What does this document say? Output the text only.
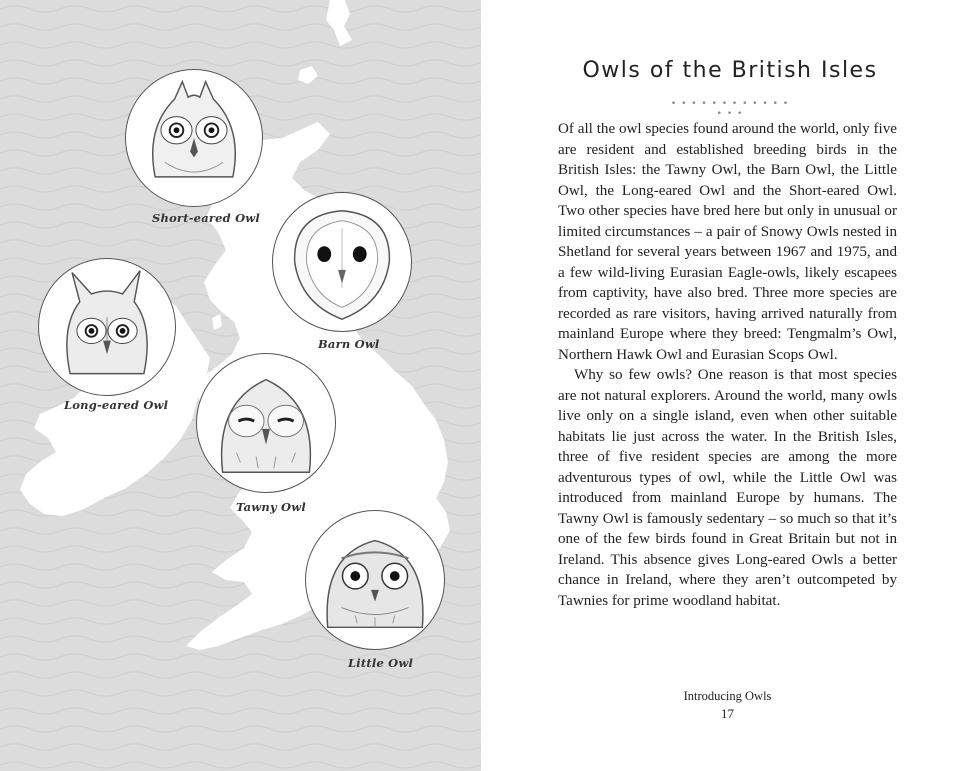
Short-eared Owl
Barn Owl
Long-eared Owl
Tawny Owl
Little Owl
Owls of the British Isles
• • • • • • • • • • • • • • •

Of all the owl species found around the world, only five are resident and established breeding birds in the British Isles: the Tawny Owl, the Barn Owl, the Little Owl, the Long-eared Owl and the Short-eared Owl. Two other species have bred here but only in unusual or limited circumstances – a pair of Snowy Owls nested in Shetland for several years between 1967 and 1975, and a few wild-living Eurasian Eagle-owls, likely escapees from captivity, have also bred. Three more species are recorded as rare visitors, having arrived naturally from mainland Europe where they breed: Tengmalm’s Owl, Northern Hawk Owl and Eurasian Scops Owl.

Why so few owls? One reason is that most species are not natural explorers. Around the world, many owls live only on a single island, even when other suitable habitats lie just across the water. In the British Isles, three of five resident species are among the more adventurous types of owl, while the Little Owl was introduced from mainland Europe by humans. The Tawny Owl is famously sedentary – so much so that it’s one of the few birds found in Great Britain but not in Ireland. This absence gives Long-eared Owls a better chance in Ireland, where they aren’t outcompeted by Tawnies for prime woodland habitat.

Introducing Owls
17
